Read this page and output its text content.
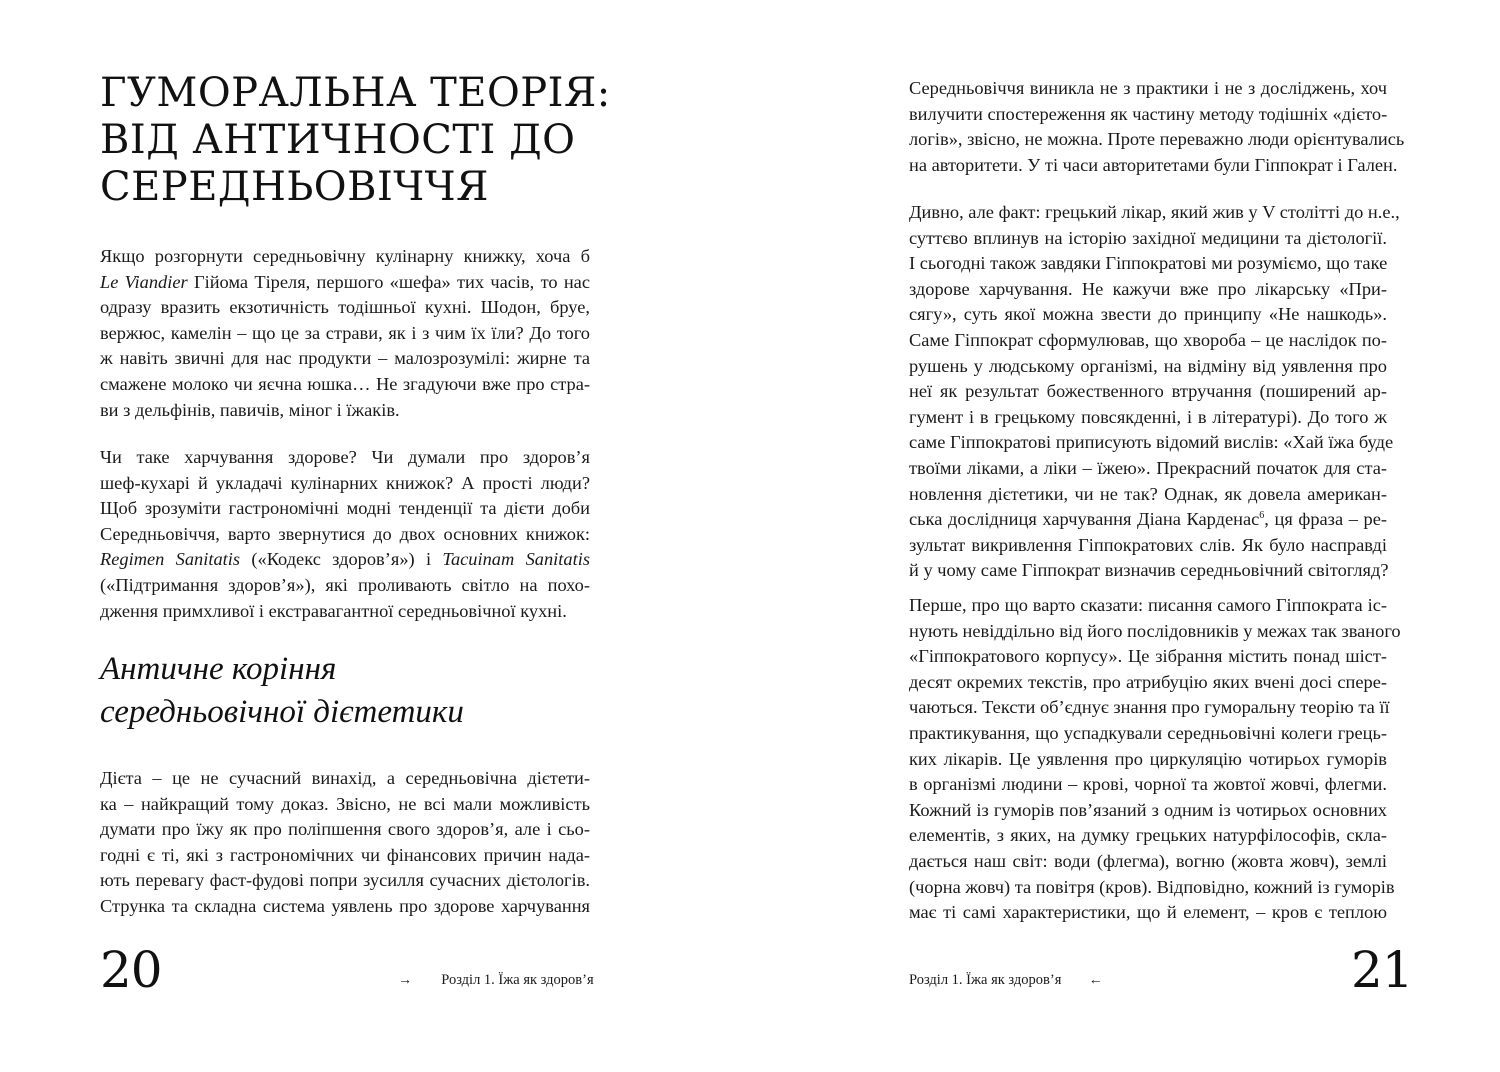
ГУМОРАЛЬНА ТЕОРІЯ:
ВІД АНТИЧНОСТІ ДО
СЕРЕДНЬОВІЧЧЯ
Якщо розгорнути середньовічну кулінарну книжку, хоча б
Le Viandier Гійома Тіреля, першого «шефа» тих часів, то нас
одразу вразить екзотичність тодішньої кухні. Шодон, бруе,
вержюс, камелін – що це за страви, як і з чим їх їли? До того
ж навіть звичні для нас продукти – малозрозумілі: жирне та
смажене молоко чи яєчна юшка… Не згадуючи вже про стра-
ви з дельфінів, павичів, міног і їжаків.
Чи таке харчування здорове? Чи думали про здоров’я
шеф-кухарі й укладачі кулінарних книжок? А прості люди?
Щоб зрозуміти гастрономічні модні тенденції та дієти доби
Середньовіччя, варто звернутися до двох основних книжок:
Regimen Sanitatis («Кодекс здоров’я») і Tacuinam Sanitatis
(«Підтримання здоров’я»), які проливають світло на похо-
дження примхливої і екстравагантної середньовічної кухні.
Античне коріння
середньовічної дієтетики
Дієта – це не сучасний винахід, а середньовічна дієтети-
ка – найкращий тому доказ. Звісно, не всі мали можливість
думати про їжу як про поліпшення свого здоров’я, але і сьо-
годні є ті, які з гастрономічних чи фінансових причин нада-
ють перевагу фаст-фудові попри зусилля сучасних дієтологів.
Струнка та складна система уявлень про здорове харчування
20	→ Розділ 1. Їжа як здоров’я
Середньовіччя виникла не з практики і не з досліджень, хоч
вилучити спостереження як частину методу тодішніх «дієто-
логів», звісно, не можна. Проте переважно люди орієнтувались
на авторитети. У ті часи авторитетами були Гіппократ і Гален.
Дивно, але факт: грецький лікар, який жив у V столітті до н.е.,
суттєво вплинув на історію західної медицини та дієтології.
І сьогодні також завдяки Гіппократові ми розуміємо, що таке
здорове харчування. Не кажучи вже про лікарську «При-
сягу», суть якої можна звести до принципу «Не нашкодь».
Саме Гіппократ сформулював, що хвороба – це наслідок по-
рушень у людському організмі, на відміну від уявлення про
неї як результат божественного втручання (поширений ар-
гумент і в грецькому повсякденні, і в літературі). До того ж
саме Гіппократові приписують відомий вислів: «Хай їжа буде
твоїми ліками, а ліки – їжею». Прекрасний початок для ста-
новлення дієтетики, чи не так? Однак, як довела американ-
ська дослідниця харчування Діана Карденас$^6$, ця фраза – ре-
зультат викривлення Гіппократових слів. Як було насправді
й у чому саме Гіппократ визначив середньовічний світогляд?
Перше, про що варто сказати: писання самого Гіппократа іс-
нують невіддільно від його послідовників у межах так званого
«Гіппократового корпусу». Це зібрання містить понад шіст-
десят окремих текстів, про атрибуцію яких вчені досі спере-
чаються. Тексти об’єднує знання про гуморальну теорію та її
практикування, що успадкували середньовічні колеги грець-
ких лікарів. Це уявлення про циркуляцію чотирьох гуморів
в організмі людини – крові, чорної та жовтої жовчі, флегми.
Кожний із гуморів пов’язаний з одним із чотирьох основних
елементів, з яких, на думку грецьких натурфілософів, скла-
дається наш світ: води (флегма), вогню (жовта жовч), землі
(чорна жовч) та повітря (кров). Відповідно, кожний із гуморів
має ті самі характеристики, що й елемент, – кров є теплою
Розділ 1. Їжа як здоров’я ←	21
